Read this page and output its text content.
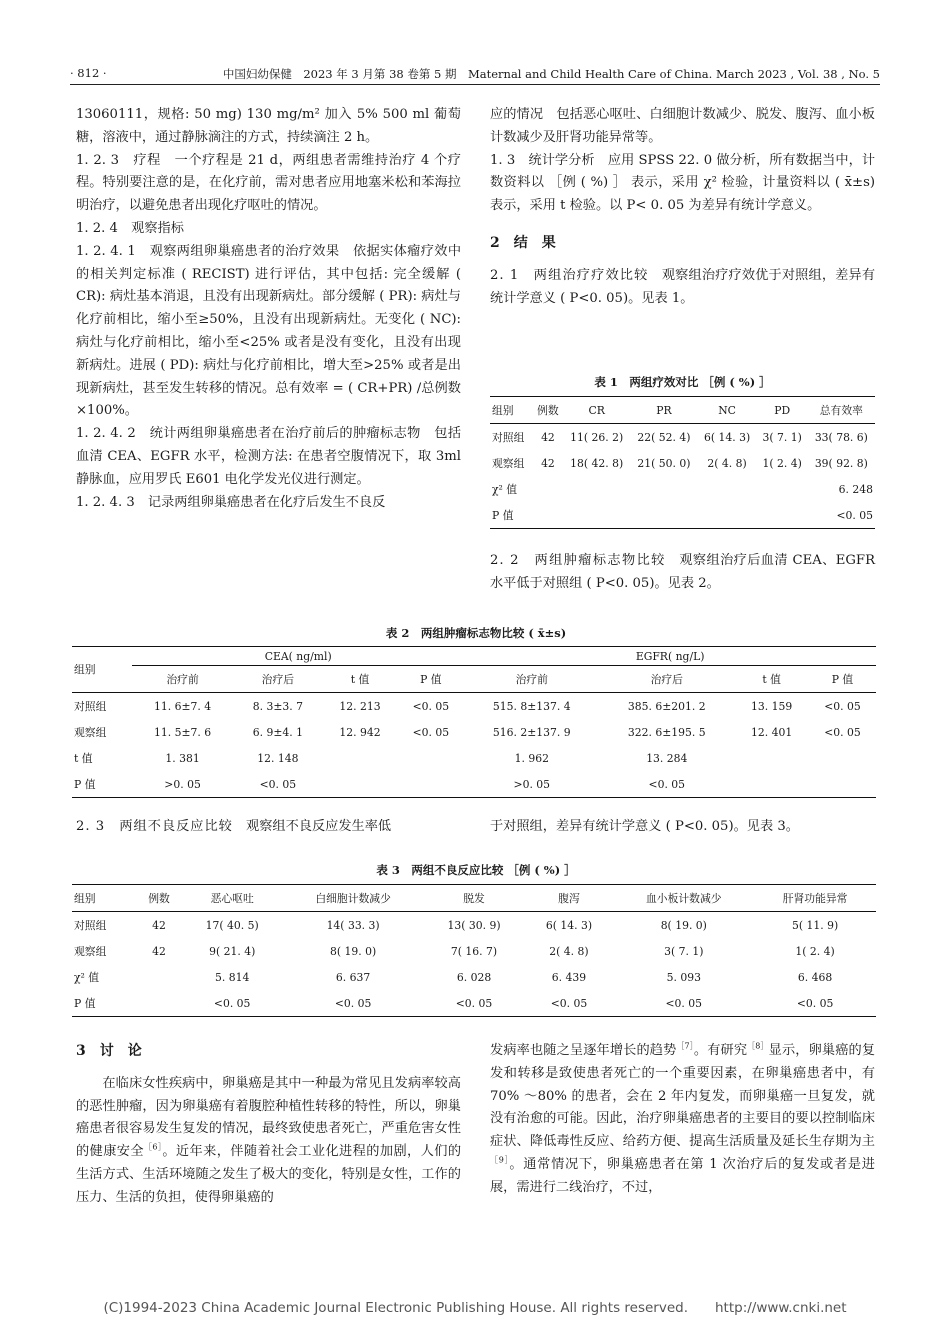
· 812 ·	中国妇幼保健　2023 年 3 月第 38 卷第 5 期　Maternal and Child Health Care of China. March 2023 , Vol. 38 , No. 5

13060111，规格: 50 mg) 130 mg/m² 加入 5% 500 ml 葡萄糖，溶液中，通过静脉滴注的方式，持续滴注 2 h。

1. 2. 3　疗程　 一个疗程是 21 d，两组患者需维持治疗 4 个疗程。特别要注意的是，在化疗前，需对患者应用地塞米松和苯海拉明治疗，以避免患者出现化疗呕吐的情况。

1. 2. 4　观察指标

1. 2. 4. 1　观察两组卵巢癌患者的治疗效果　 依据实体瘤疗效中的相关判定标准 ( RECIST) 进行评估，其中包括: 完全缓解 ( CR): 病灶基本消退，且没有出现新病灶。部分缓解 ( PR): 病灶与化疗前相比，缩小至≥50%，且没有出现新病灶。无变化 ( NC): 病灶与化疗前相比，缩小至<25% 或者是没有变化，且没有出现新病灶。进展 ( PD): 病灶与化疗前相比，增大至>25% 或者是出现新病灶，甚至发生转移的情况。总有效率 = ( CR+PR) /总例数×100%。

1. 2. 4. 2　统计两组卵巢癌患者在治疗前后的肿瘤标志物　 包括血清 CEA、EGFR 水平，检测方法: 在患者空腹情况下，取 3ml 静脉血，应用罗氏 E601 电化学发光仪进行测定。

1. 2. 4. 3　 记录两组卵巢癌患者在化疗后发生不良反

应的情况　包括恶心呕吐、白细胞计数减少、脱发、腹泻、血小板计数减少及肝肾功能异常等。

1. 3　统计学分析　 应用 SPSS 22. 0 做分析，所有数据当中，计数资料以 ［例 ( %) ］ 表示，采用 χ² 检验，计量资料以 ( x̄±s) 表示，采用 t 检验。以 P< 0. 05 为差异有统计学意义。

2　结　果

2. 1　两组治疗疗效比较　 观察组治疗疗效优于对照组，差异有统计学意义 ( P<0. 05)。见表 1。

表 1　两组疗效对比 ［例 ( %) ］
组别	例数	CR	PR	NC	PD	总有效率
对照组	42	11( 26. 2)	22( 52. 4)	6( 14. 3)	3( 7. 1)	33( 78. 6)
观察组	42	18( 42. 8)	21( 50. 0)	2( 4. 8)	1( 2. 4)	39( 92. 8)
χ² 值						6. 248
P 值						<0. 05

2. 2　两组肿瘤标志物比较　 观察组治疗后血清 CEA、EGFR 水平低于对照组 ( P<0. 05)。见表 2。

表 2　两组肿瘤标志物比较 ( x̄±s)
组别	CEA( ng/ml)				EGFR( ng/L)			
	治疗前	治疗后	t 值	P 值	治疗前	治疗后	t 值	P 值
对照组	11. 6±7. 4	8. 3±3. 7	12. 213	<0. 05	515. 8±137. 4	385. 6±201. 2	13. 159	<0. 05
观察组	11. 5±7. 6	6. 9±4. 1	12. 942	<0. 05	516. 2±137. 9	322. 6±195. 5	12. 401	<0. 05
t 值	1. 381	12. 148			1. 962	13. 284		
P 值	>0. 05	<0. 05			>0. 05	<0. 05		

2. 3　两组不良反应比较　 观察组不良反应发生率低	于对照组，差异有统计学意义 ( P<0. 05)。见表 3。

表 3　两组不良反应比较 ［例 ( %) ］
组别	例数	恶心呕吐	白细胞计数减少	脱发	腹泻	血小板计数减少	肝肾功能异常
对照组	42	17( 40. 5)	14( 33. 3)	13( 30. 9)	6( 14. 3)	8( 19. 0)	5( 11. 9)
观察组	42	9( 21. 4)	8( 19. 0)	7( 16. 7)	2( 4. 8)	3( 7. 1)	1( 2. 4)
χ² 值		5. 814	6. 637	6. 028	6. 439	5. 093	6. 468
P 值		<0. 05	<0. 05	<0. 05	<0. 05	<0. 05	<0. 05

3　讨　论

在临床女性疾病中，卵巢癌是其中一种最为常见且发病率较高的恶性肿瘤，因为卵巢癌有着腹腔种植性转移的特性，所以，卵巢癌患者很容易发生复发的情况，最终致使患者死亡，严重危害女性的健康安全$^{[6]}$。近年来，伴随着社会工业化进程的加剧，人们的生活方式、生活环境随之发生了极大的变化，特别是女性，工作的压力、生活的负担，使得卵巢癌的

发病率也随之呈逐年增长的趋势$^{[7]}$。有研究$^{[8]}$显示，卵巢癌的复发和转移是致使患者死亡的一个重要因素，在卵巢癌患者中，有 70% ～80% 的患者，会在 2 年内复发，而卵巢癌一旦复发，就没有治愈的可能。因此，治疗卵巢癌患者的主要目的要以控制临床症状、降低毒性反应、给药方便、提高生活质量及延长生存期为主$^{[9]}$。通常情况下，卵巢癌患者在第 1 次治疗后的复发或者是进展，需进行二线治疗，不过，

(C)1994-2023 China Academic Journal Electronic Publishing House. All rights reserved.　　http://www.cnki.net
